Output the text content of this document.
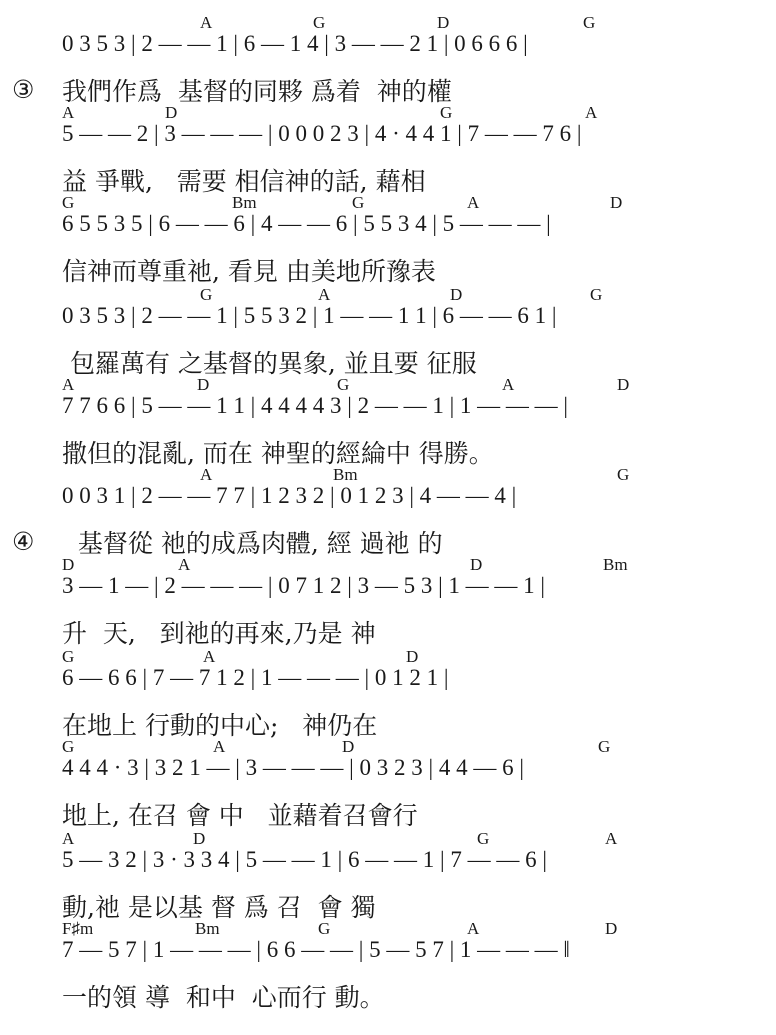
A	G	D	G
0 3 5 3 | 2 — — 1 | 6 — 1 4 | 3 — — 2 1 | 0 6 6 6 |
③ 我們作爲  基督的同夥 爲着  神的權
A	D	G	A
5 — — 2 | 3 — — — | 0 0 0 2 3 | 4 · 4 4 1 | 7 — — 7 6 |
益 爭戰,   需要 相信神的話, 藉相
G	Bm	G	A	D
6 5 5 3 5 | 6 — — 6 | 4 — — 6 | 5 5 3 4 | 5 — — — |
信神而尊重祂, 看見 由美地所豫表
G	A	D	G
0 3 5 3 | 2 — — 1 | 5 5 3 2 | 1 — — 1 1 | 6 — — 6 1 |
包羅萬有 之基督的異象, 並且要 征服
A	D	G	A	D
7 7 6 6 | 5 — — 1 1 | 4 4 4 4 3 | 2 — — 1 | 1 — — — |
撒但的混亂, 而在 神聖的經綸中 得勝。
A	Bm	G
0 0 3 1 | 2 — — 7 7 | 1 2 3 2 | 0 1 2 3 | 4 — — 4 |
④ 基督從 祂的成爲肉體, 經 過祂 的
D	A	D	Bm
3 — 1 — | 2 — — — | 0 7 1 2 | 3 — 5 3 | 1 — — 1 |
升  天,   到祂的再來,乃是 神
G	A	D
6 — 6 6 | 7 — 7 1 2 | 1 — — — | 0 1 2 1 |
在地上 行動的中心;   神仍在
G	A	D	G
4 4 4 · 3 | 3 2 1 — | 3 — — — | 0 3 2 3 | 4 4 — 6 |
地上, 在召 會 中   並藉着召會行
A	D	G	A
5 — 3 2 | 3 · 3 3 4 | 5 — — 1 | 6 — — 1 | 7 — — 6 |
動,祂 是以基 督 爲 召  會 獨
F♯m	Bm	G	A	D
7 — 5 7 | 1 — — — | 6 6 — — | 5 — 5 7 | 1 — — — ‖
一的領 導  和中  心而行 動。
